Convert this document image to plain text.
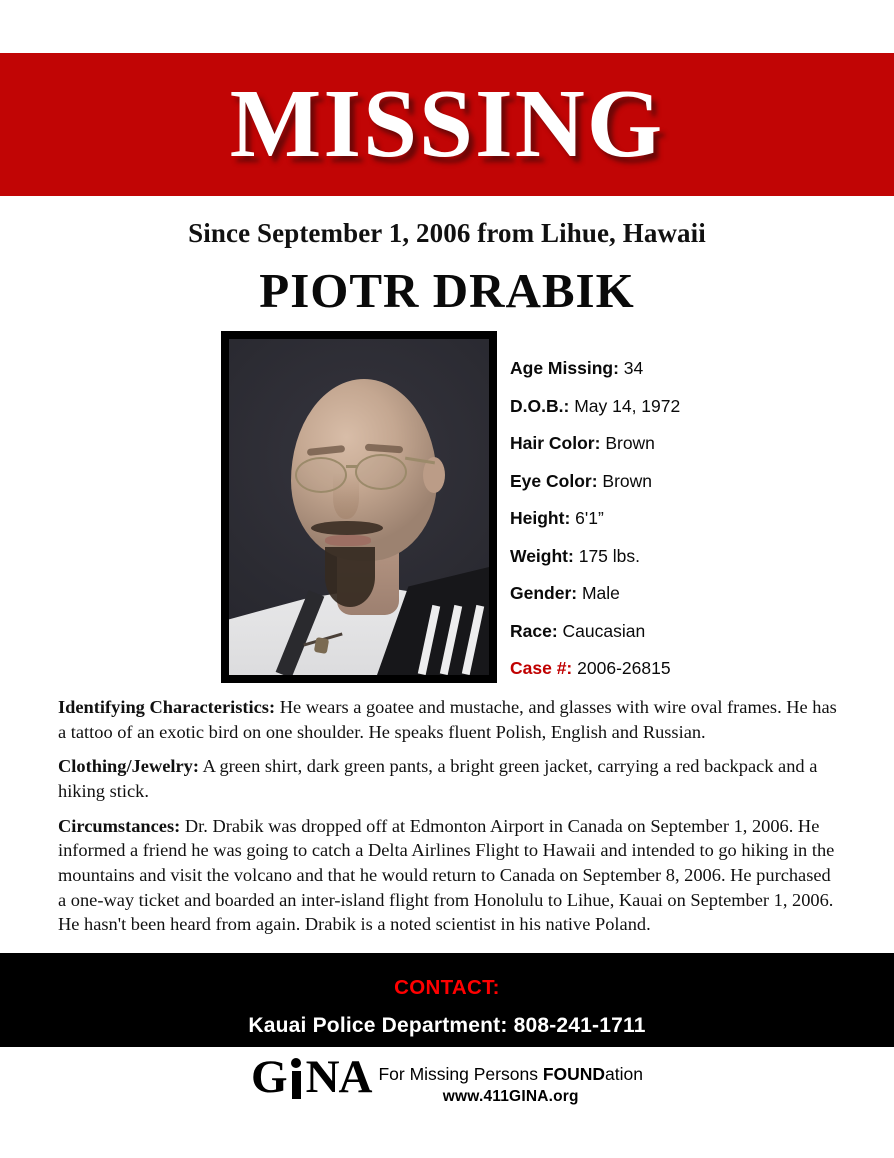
MISSING
Since September 1, 2006 from Lihue, Hawaii
PIOTR DRABIK
Age Missing: 34
D.O.B.: May 14, 1972
Hair Color: Brown
Eye Color: Brown
Height: 6'1”
Weight: 175 lbs.
Gender: Male
Race: Caucasian
Case #: 2006-26815

Identifying Characteristics: He wears a goatee and mustache, and glasses with wire oval frames. He has a tattoo of an exotic bird on one shoulder. He speaks fluent Polish, English and Russian.

Clothing/Jewelry: A green shirt, dark green pants, a bright green jacket, carrying a red backpack and a hiking stick.

Circumstances: Dr. Drabik was dropped off at Edmonton Airport in Canada on September 1, 2006. He informed a friend he was going to catch a Delta Airlines Flight to Hawaii and intended to go hiking in the mountains and visit the volcano and that he would return to Canada on September 8, 2006. He purchased a one-way ticket and boarded an inter-island flight from Honolulu to Lihue, Kauai on September 1, 2006. He hasn't been heard from again. Drabik is a noted scientist in his native Poland.

CONTACT:
Kauai Police Department: 808-241-1711
G NA For Missing Persons FOUNDation
www.411GINA.org
